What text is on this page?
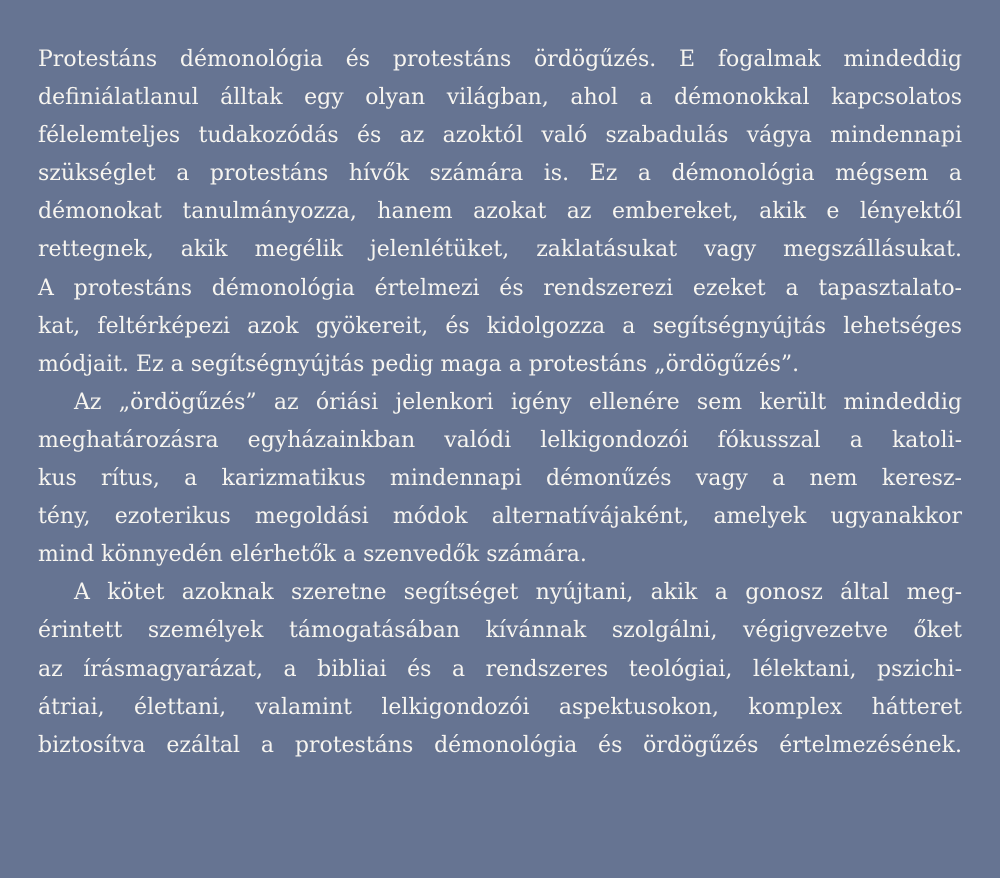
Protestáns démonológia és protestáns ördögűzés. E fogalmak mindeddig
definiálatlanul álltak egy olyan világban, ahol a démonokkal kapcsolatos
félelemteljes tudakozódás és az azoktól való szabadulás vágya mindennapi
szükséglet a protestáns hívők számára is. Ez a démonológia mégsem a
démonokat tanulmányozza, hanem azokat az embereket, akik e lényektől
rettegnek, akik megélik jelenlétüket, zaklatásukat vagy megszállásukat.
A protestáns démonológia értelmezi és rendszerezi ezeket a tapasztalato-
kat, feltérképezi azok gyökereit, és kidolgozza a segítségnyújtás lehetséges
módjait. Ez a segítségnyújtás pedig maga a protestáns „ördögűzés”.
Az „ördögűzés” az óriási jelenkori igény ellenére sem került mindeddig
meghatározásra egyházainkban valódi lelkigondozói fókusszal a katoli-
kus rítus, a karizmatikus mindennapi démonűzés vagy a nem keresz-
tény, ezoterikus megoldási módok alternatívájaként, amelyek ugyanakkor
mind könnyedén elérhetők a szenvedők számára.
A kötet azoknak szeretne segítséget nyújtani, akik a gonosz által meg-
érintett személyek támogatásában kívánnak szolgálni, végigvezetve őket
az írásmagyarázat, a bibliai és a rendszeres teológiai, lélektani, pszichi-
átriai, élettani, valamint lelkigondozói aspektusokon, komplex hátteret
biztosítva ezáltal a protestáns démonológia és ördögűzés értelmezésének.
